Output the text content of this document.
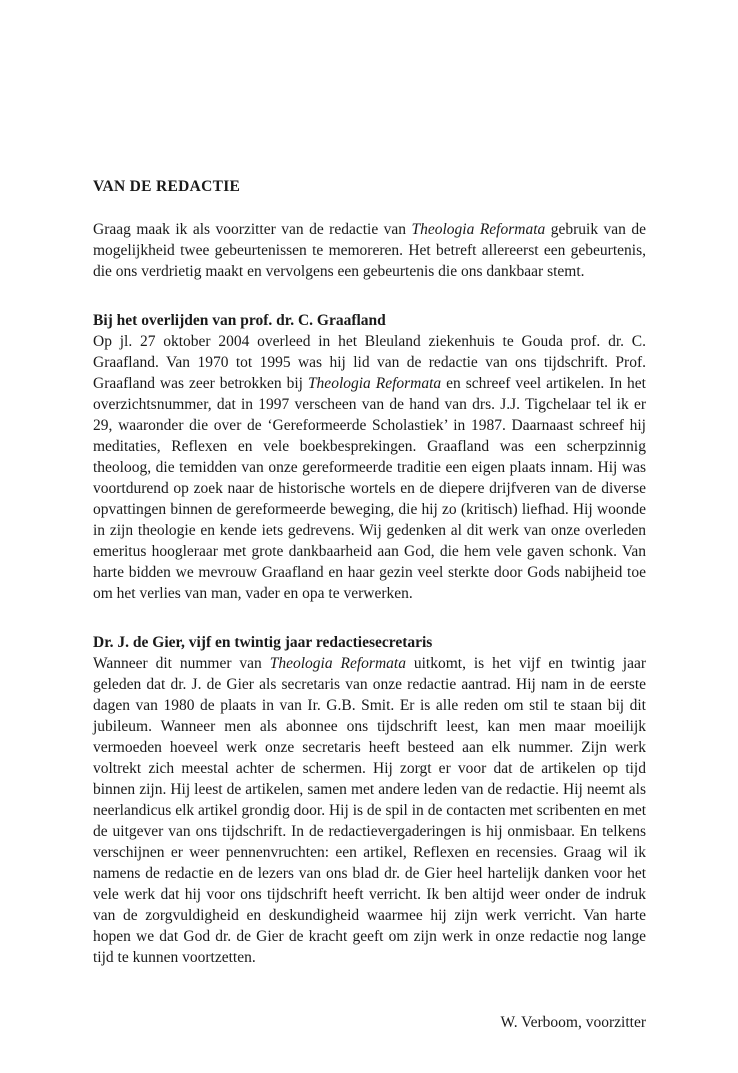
VAN DE REDACTIE

Graag maak ik als voorzitter van de redactie van Theologia Reformata gebruik van de mogelijkheid twee gebeurtenissen te memoreren. Het betreft allereerst een gebeurtenis, die ons verdrietig maakt en vervolgens een gebeurtenis die ons dankbaar stemt.

Bij het overlijden van prof. dr. C. Graafland

Op jl. 27 oktober 2004 overleed in het Bleuland ziekenhuis te Gouda prof. dr. C. Graafland. Van 1970 tot 1995 was hij lid van de redactie van ons tijdschrift. Prof. Graafland was zeer betrokken bij Theologia Reformata en schreef veel artikelen. In het overzichtsnummer, dat in 1997 verscheen van de hand van drs. J.J. Tigchelaar tel ik er 29, waaronder die over de ‘Gereformeerde Scholastiek’ in 1987. Daarnaast schreef hij meditaties, Reflexen en vele boekbesprekingen. Graafland was een scherpzinnig theoloog, die temidden van onze gereformeerde traditie een eigen plaats innam. Hij was voortdurend op zoek naar de historische wortels en de diepere drijfveren van de diverse opvattingen binnen de gereformeerde beweging, die hij zo (kritisch) liefhad. Hij woonde in zijn theologie en kende iets gedrevens. Wij gedenken al dit werk van onze overleden emeritus hoogleraar met grote dankbaarheid aan God, die hem vele gaven schonk. Van harte bidden we mevrouw Graafland en haar gezin veel sterkte door Gods nabijheid toe om het verlies van man, vader en opa te verwerken.

Dr. J. de Gier, vijf en twintig jaar redactiesecretaris

Wanneer dit nummer van Theologia Reformata uitkomt, is het vijf en twintig jaar geleden dat dr. J. de Gier als secretaris van onze redactie aantrad. Hij nam in de eerste dagen van 1980 de plaats in van Ir. G.B. Smit. Er is alle reden om stil te staan bij dit jubileum. Wanneer men als abonnee ons tijdschrift leest, kan men maar moeilijk vermoeden hoeveel werk onze secretaris heeft besteed aan elk nummer. Zijn werk voltrekt zich meestal achter de schermen. Hij zorgt er voor dat de artikelen op tijd binnen zijn. Hij leest de artikelen, samen met andere leden van de redactie. Hij neemt als neerlandicus elk artikel grondig door. Hij is de spil in de contacten met scribenten en met de uitgever van ons tijdschrift. In de redactievergaderingen is hij onmisbaar. En telkens verschijnen er weer pennenvruchten: een artikel, Reflexen en recensies. Graag wil ik namens de redactie en de lezers van ons blad dr. de Gier heel hartelijk danken voor het vele werk dat hij voor ons tijdschrift heeft verricht. Ik ben altijd weer onder de indruk van de zorgvuldigheid en deskundigheid waarmee hij zijn werk verricht. Van harte hopen we dat God dr. de Gier de kracht geeft om zijn werk in onze redactie nog lange tijd te kunnen voortzetten.

W. Verboom, voorzitter
